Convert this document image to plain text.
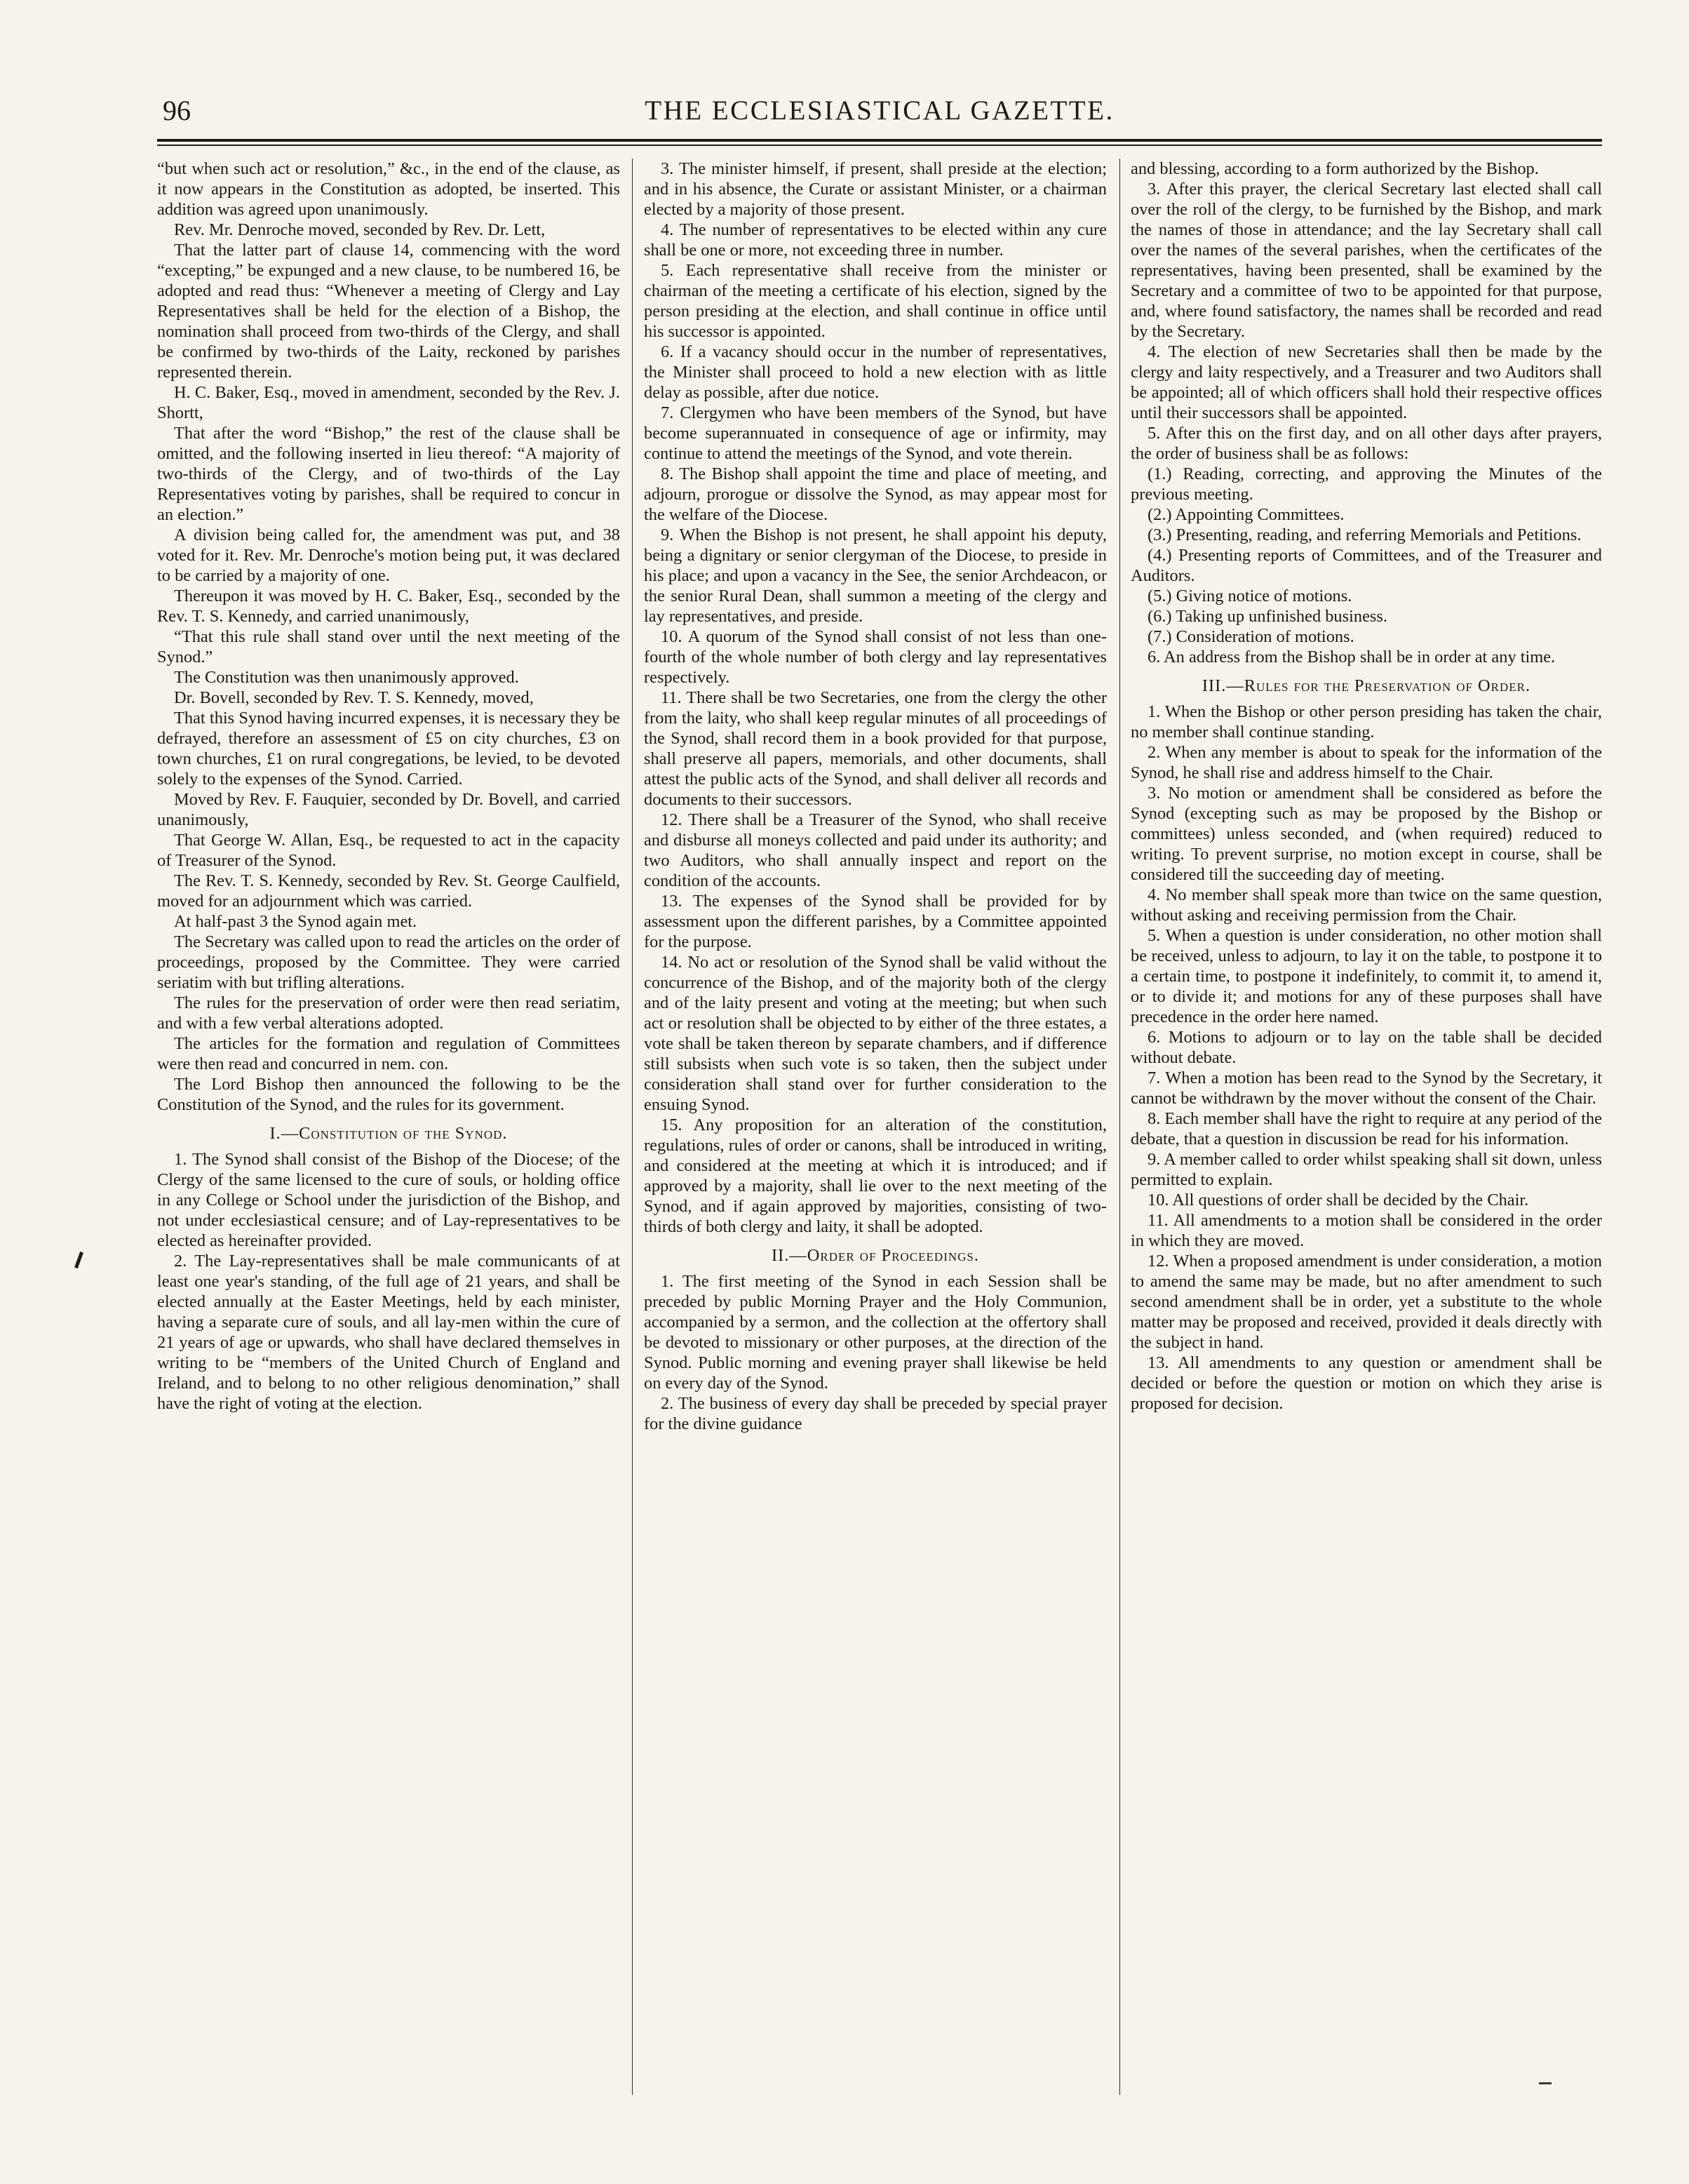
96	THE ECCLESIASTICAL GAZETTE.

“but when such act or resolution,” &c., in the end of the clause, as it now appears in the Constitution as adopted, be inserted. This addition was agreed upon unanimously.

Rev. Mr. Denroche moved, seconded by Rev. Dr. Lett,

That the latter part of clause 14, commencing with the word “excepting,” be expunged and a new clause, to be numbered 16, be adopted and read thus: “Whenever a meeting of Clergy and Lay Representatives shall be held for the election of a Bishop, the nomination shall proceed from two-thirds of the Clergy, and shall be confirmed by two-thirds of the Laity, reckoned by parishes represented therein.

H. C. Baker, Esq., moved in amendment, seconded by the Rev. J. Shortt,

That after the word “Bishop,” the rest of the clause shall be omitted, and the following inserted in lieu thereof: “A majority of two-thirds of the Clergy, and of two-thirds of the Lay Representatives voting by parishes, shall be required to concur in an election.”

A division being called for, the amendment was put, and 38 voted for it. Rev. Mr. Denroche's motion being put, it was declared to be carried by a majority of one.

Thereupon it was moved by H. C. Baker, Esq., seconded by the Rev. T. S. Kennedy, and carried unanimously,

“That this rule shall stand over until the next meeting of the Synod.”

The Constitution was then unanimously approved.

Dr. Bovell, seconded by Rev. T. S. Kennedy, moved,

That this Synod having incurred expenses, it is necessary they be defrayed, therefore an assessment of £5 on city churches, £3 on town churches, £1 on rural congregations, be levied, to be devoted solely to the expenses of the Synod. Carried.

Moved by Rev. F. Fauquier, seconded by Dr. Bovell, and carried unanimously,

That George W. Allan, Esq., be requested to act in the capacity of Treasurer of the Synod.

The Rev. T. S. Kennedy, seconded by Rev. St. George Caulfield, moved for an adjournment which was carried.

At half-past 3 the Synod again met.

The Secretary was called upon to read the articles on the order of proceedings, proposed by the Committee. They were carried seriatim with but trifling alterations.

The rules for the preservation of order were then read seriatim, and with a few verbal alterations adopted.

The articles for the formation and regulation of Committees were then read and concurred in nem. con.

The Lord Bishop then announced the following to be the Constitution of the Synod, and the rules for its government.

I.—Constitution of the Synod.

1. The Synod shall consist of the Bishop of the Diocese; of the Clergy of the same licensed to the cure of souls, or holding office in any College or School under the jurisdiction of the Bishop, and not under ecclesiastical censure; and of Lay-representatives to be elected as hereinafter provided.

2. The Lay-representatives shall be male communicants of at least one year's standing, of the full age of 21 years, and shall be elected annually at the Easter Meetings, held by each minister, having a separate cure of souls, and all lay-men within the cure of 21 years of age or upwards, who shall have declared themselves in writing to be “members of the United Church of England and Ireland, and to belong to no other religious denomination,” shall have the right of voting at the election.

3. The minister himself, if present, shall preside at the election; and in his absence, the Curate or assistant Minister, or a chairman elected by a majority of those present.

4. The number of representatives to be elected within any cure shall be one or more, not exceeding three in number.

5. Each representative shall receive from the minister or chairman of the meeting a certificate of his election, signed by the person presiding at the election, and shall continue in office until his successor is appointed.

6. If a vacancy should occur in the number of representatives, the Minister shall proceed to hold a new election with as little delay as possible, after due notice.

7. Clergymen who have been members of the Synod, but have become superannuated in consequence of age or infirmity, may continue to attend the meetings of the Synod, and vote therein.

8. The Bishop shall appoint the time and place of meeting, and adjourn, prorogue or dissolve the Synod, as may appear most for the welfare of the Diocese.

9. When the Bishop is not present, he shall appoint his deputy, being a dignitary or senior clergyman of the Diocese, to preside in his place; and upon a vacancy in the See, the senior Archdeacon, or the senior Rural Dean, shall summon a meeting of the clergy and lay representatives, and preside.

10. A quorum of the Synod shall consist of not less than one-fourth of the whole number of both clergy and lay representatives respectively.

11. There shall be two Secretaries, one from the clergy the other from the laity, who shall keep regular minutes of all proceedings of the Synod, shall record them in a book provided for that purpose, shall preserve all papers, memorials, and other documents, shall attest the public acts of the Synod, and shall deliver all records and documents to their successors.

12. There shall be a Treasurer of the Synod, who shall receive and disburse all moneys collected and paid under its authority; and two Auditors, who shall annually inspect and report on the condition of the accounts.

13. The expenses of the Synod shall be provided for by assessment upon the different parishes, by a Committee appointed for the purpose.

14. No act or resolution of the Synod shall be valid without the concurrence of the Bishop, and of the majority both of the clergy and of the laity present and voting at the meeting; but when such act or resolution shall be objected to by either of the three estates, a vote shall be taken thereon by separate chambers, and if difference still subsists when such vote is so taken, then the subject under consideration shall stand over for further consideration to the ensuing Synod.

15. Any proposition for an alteration of the constitution, regulations, rules of order or canons, shall be introduced in writing, and considered at the meeting at which it is introduced; and if approved by a majority, shall lie over to the next meeting of the Synod, and if again approved by majorities, consisting of two-thirds of both clergy and laity, it shall be adopted.

II.—Order of Proceedings.

1. The first meeting of the Synod in each Session shall be preceded by public Morning Prayer and the Holy Communion, accompanied by a sermon, and the collection at the offertory shall be devoted to missionary or other purposes, at the direction of the Synod. Public morning and evening prayer shall likewise be held on every day of the Synod.

2. The business of every day shall be preceded by special prayer for the divine guidance

and blessing, according to a form authorized by the Bishop.

3. After this prayer, the clerical Secretary last elected shall call over the roll of the clergy, to be furnished by the Bishop, and mark the names of those in attendance; and the lay Secretary shall call over the names of the several parishes, when the certificates of the representatives, having been presented, shall be examined by the Secretary and a committee of two to be appointed for that purpose, and, where found satisfactory, the names shall be recorded and read by the Secretary.

4. The election of new Secretaries shall then be made by the clergy and laity respectively, and a Treasurer and two Auditors shall be appointed; all of which officers shall hold their respective offices until their successors shall be appointed.

5. After this on the first day, and on all other days after prayers, the order of business shall be as follows:

(1.) Reading, correcting, and approving the Minutes of the previous meeting.

(2.) Appointing Committees.

(3.) Presenting, reading, and referring Memorials and Petitions.

(4.) Presenting reports of Committees, and of the Treasurer and Auditors.

(5.) Giving notice of motions.

(6.) Taking up unfinished business.

(7.) Consideration of motions.

6. An address from the Bishop shall be in order at any time.

III.—Rules for the Preservation of Order.

1. When the Bishop or other person presiding has taken the chair, no member shall continue standing.

2. When any member is about to speak for the information of the Synod, he shall rise and address himself to the Chair.

3. No motion or amendment shall be considered as before the Synod (excepting such as may be proposed by the Bishop or committees) unless seconded, and (when required) reduced to writing. To prevent surprise, no motion except in course, shall be considered till the succeeding day of meeting.

4. No member shall speak more than twice on the same question, without asking and receiving permission from the Chair.

5. When a question is under consideration, no other motion shall be received, unless to adjourn, to lay it on the table, to postpone it to a certain time, to postpone it indefinitely, to commit it, to amend it, or to divide it; and motions for any of these purposes shall have precedence in the order here named.

6. Motions to adjourn or to lay on the table shall be decided without debate.

7. When a motion has been read to the Synod by the Secretary, it cannot be withdrawn by the mover without the consent of the Chair.

8. Each member shall have the right to require at any period of the debate, that a question in discussion be read for his information.

9. A member called to order whilst speaking shall sit down, unless permitted to explain.

10. All questions of order shall be decided by the Chair.

11. All amendments to a motion shall be considered in the order in which they are moved.

12. When a proposed amendment is under consideration, a motion to amend the same may be made, but no after amendment to such second amendment shall be in order, yet a substitute to the whole matter may be proposed and received, provided it deals directly with the subject in hand.

13. All amendments to any question or amendment shall be decided or before the question or motion on which they arise is proposed for decision.
